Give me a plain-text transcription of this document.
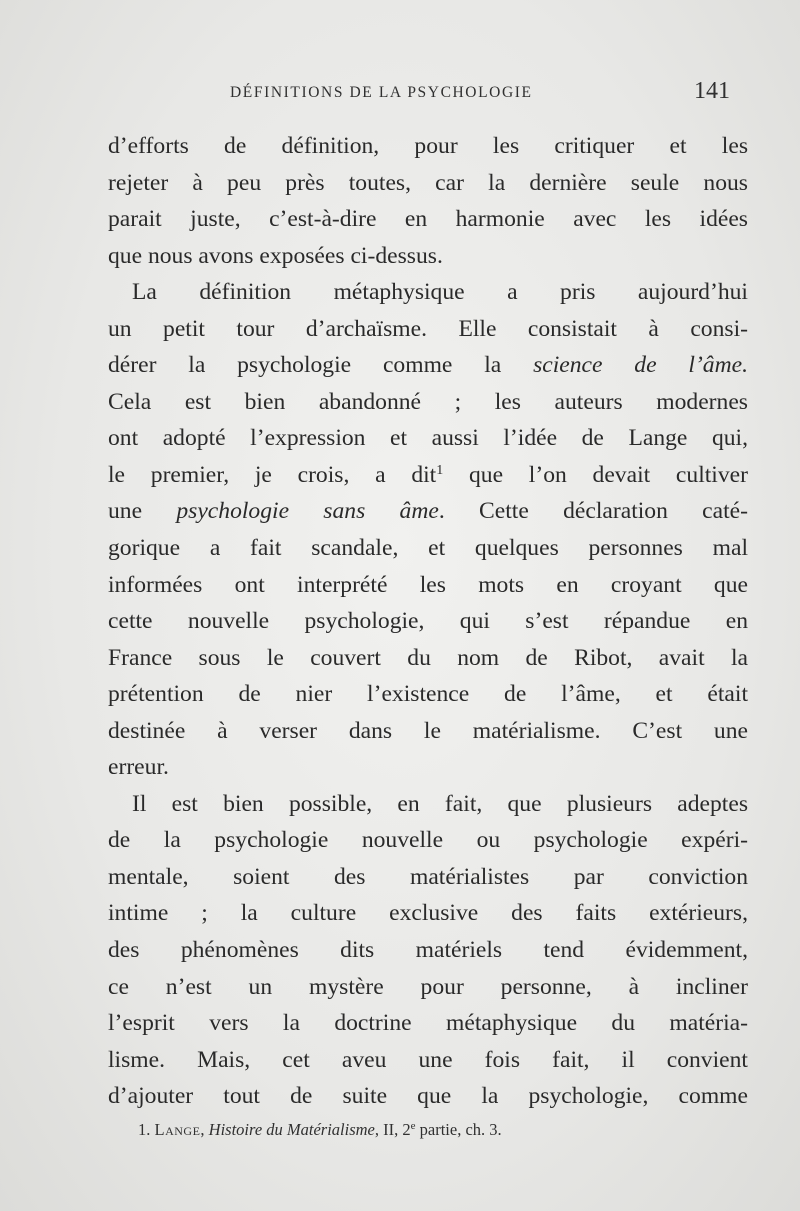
DÉFINITIONS DE LA PSYCHOLOGIE	141
d’efforts de définition, pour les critiquer et les
rejeter à peu près toutes, car la dernière seule nous
parait juste, c’est-à-dire en harmonie avec les idées
que nous avons exposées ci-dessus.
La définition métaphysique a pris aujourd’hui
un petit tour d’archaïsme. Elle consistait à consi-
dérer la psychologie comme la science de l’âme.
Cela est bien abandonné ; les auteurs modernes
ont adopté l’expression et aussi l’idée de Lange qui,
le premier, je crois, a dit$^1$ que l’on devait cultiver
une psychologie sans âme. Cette déclaration caté-
gorique a fait scandale, et quelques personnes mal
informées ont interprété les mots en croyant que
cette nouvelle psychologie, qui s’est répandue en
France sous le couvert du nom de Ribot, avait la
prétention de nier l’existence de l’âme, et était
destinée à verser dans le matérialisme. C’est une
erreur.
Il est bien possible, en fait, que plusieurs adeptes
de la psychologie nouvelle ou psychologie expéri-
mentale, soient des matérialistes par conviction
intime ; la culture exclusive des faits extérieurs,
des phénomènes dits matériels tend évidemment,
ce n’est un mystère pour personne, à incliner
l’esprit vers la doctrine métaphysique du matéria-
lisme. Mais, cet aveu une fois fait, il convient
d’ajouter tout de suite que la psychologie, comme
1. Lange, Histoire du Matérialisme, II, 2e partie, ch. 3.
